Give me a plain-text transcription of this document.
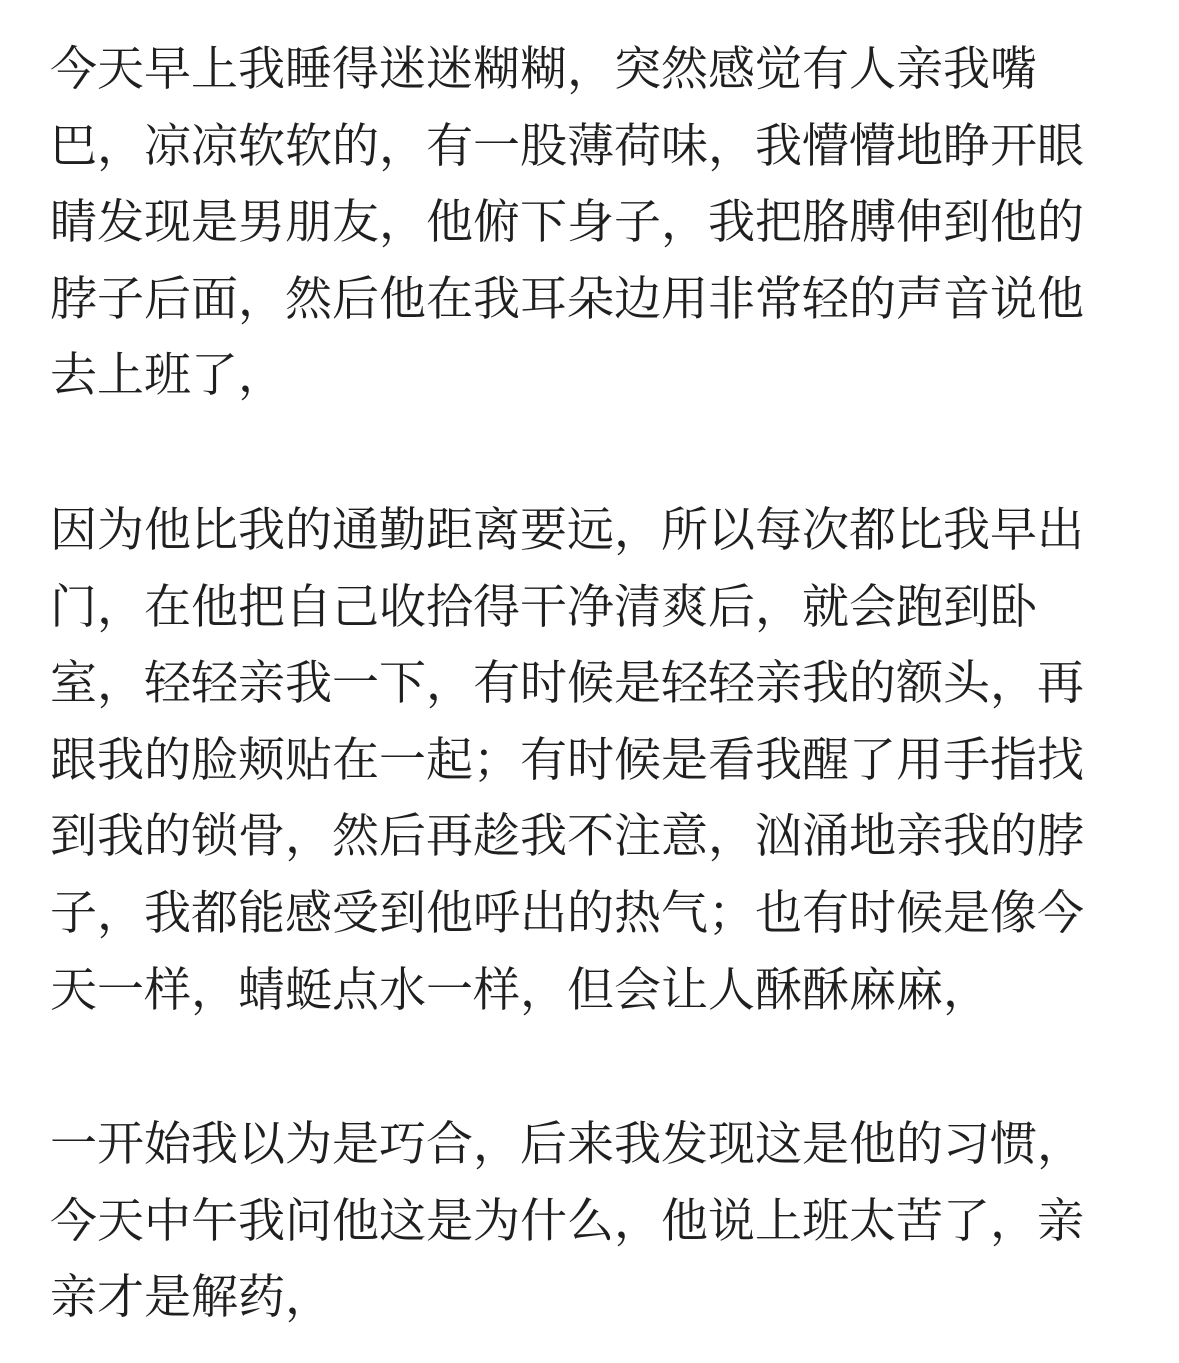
今天早上我睡得迷迷糊糊，突然感觉有人亲我嘴
巴，凉凉软软的，有一股薄荷味，我懵懵地睁开眼
睛发现是男朋友，他俯下身子，我把胳膊伸到他的
脖子后面，然后他在我耳朵边用非常轻的声音说他
去上班了，
因为他比我的通勤距离要远，所以每次都比我早出
门，在他把自己收拾得干净清爽后，就会跑到卧
室，轻轻亲我一下，有时候是轻轻亲我的额头，再
跟我的脸颊贴在一起；有时候是看我醒了用手指找
到我的锁骨，然后再趁我不注意，汹涌地亲我的脖
子，我都能感受到他呼出的热气；也有时候是像今
天一样，蜻蜓点水一样，但会让人酥酥麻麻，
一开始我以为是巧合，后来我发现这是他的习惯，
今天中午我问他这是为什么，他说上班太苦了，亲
亲才是解药，
